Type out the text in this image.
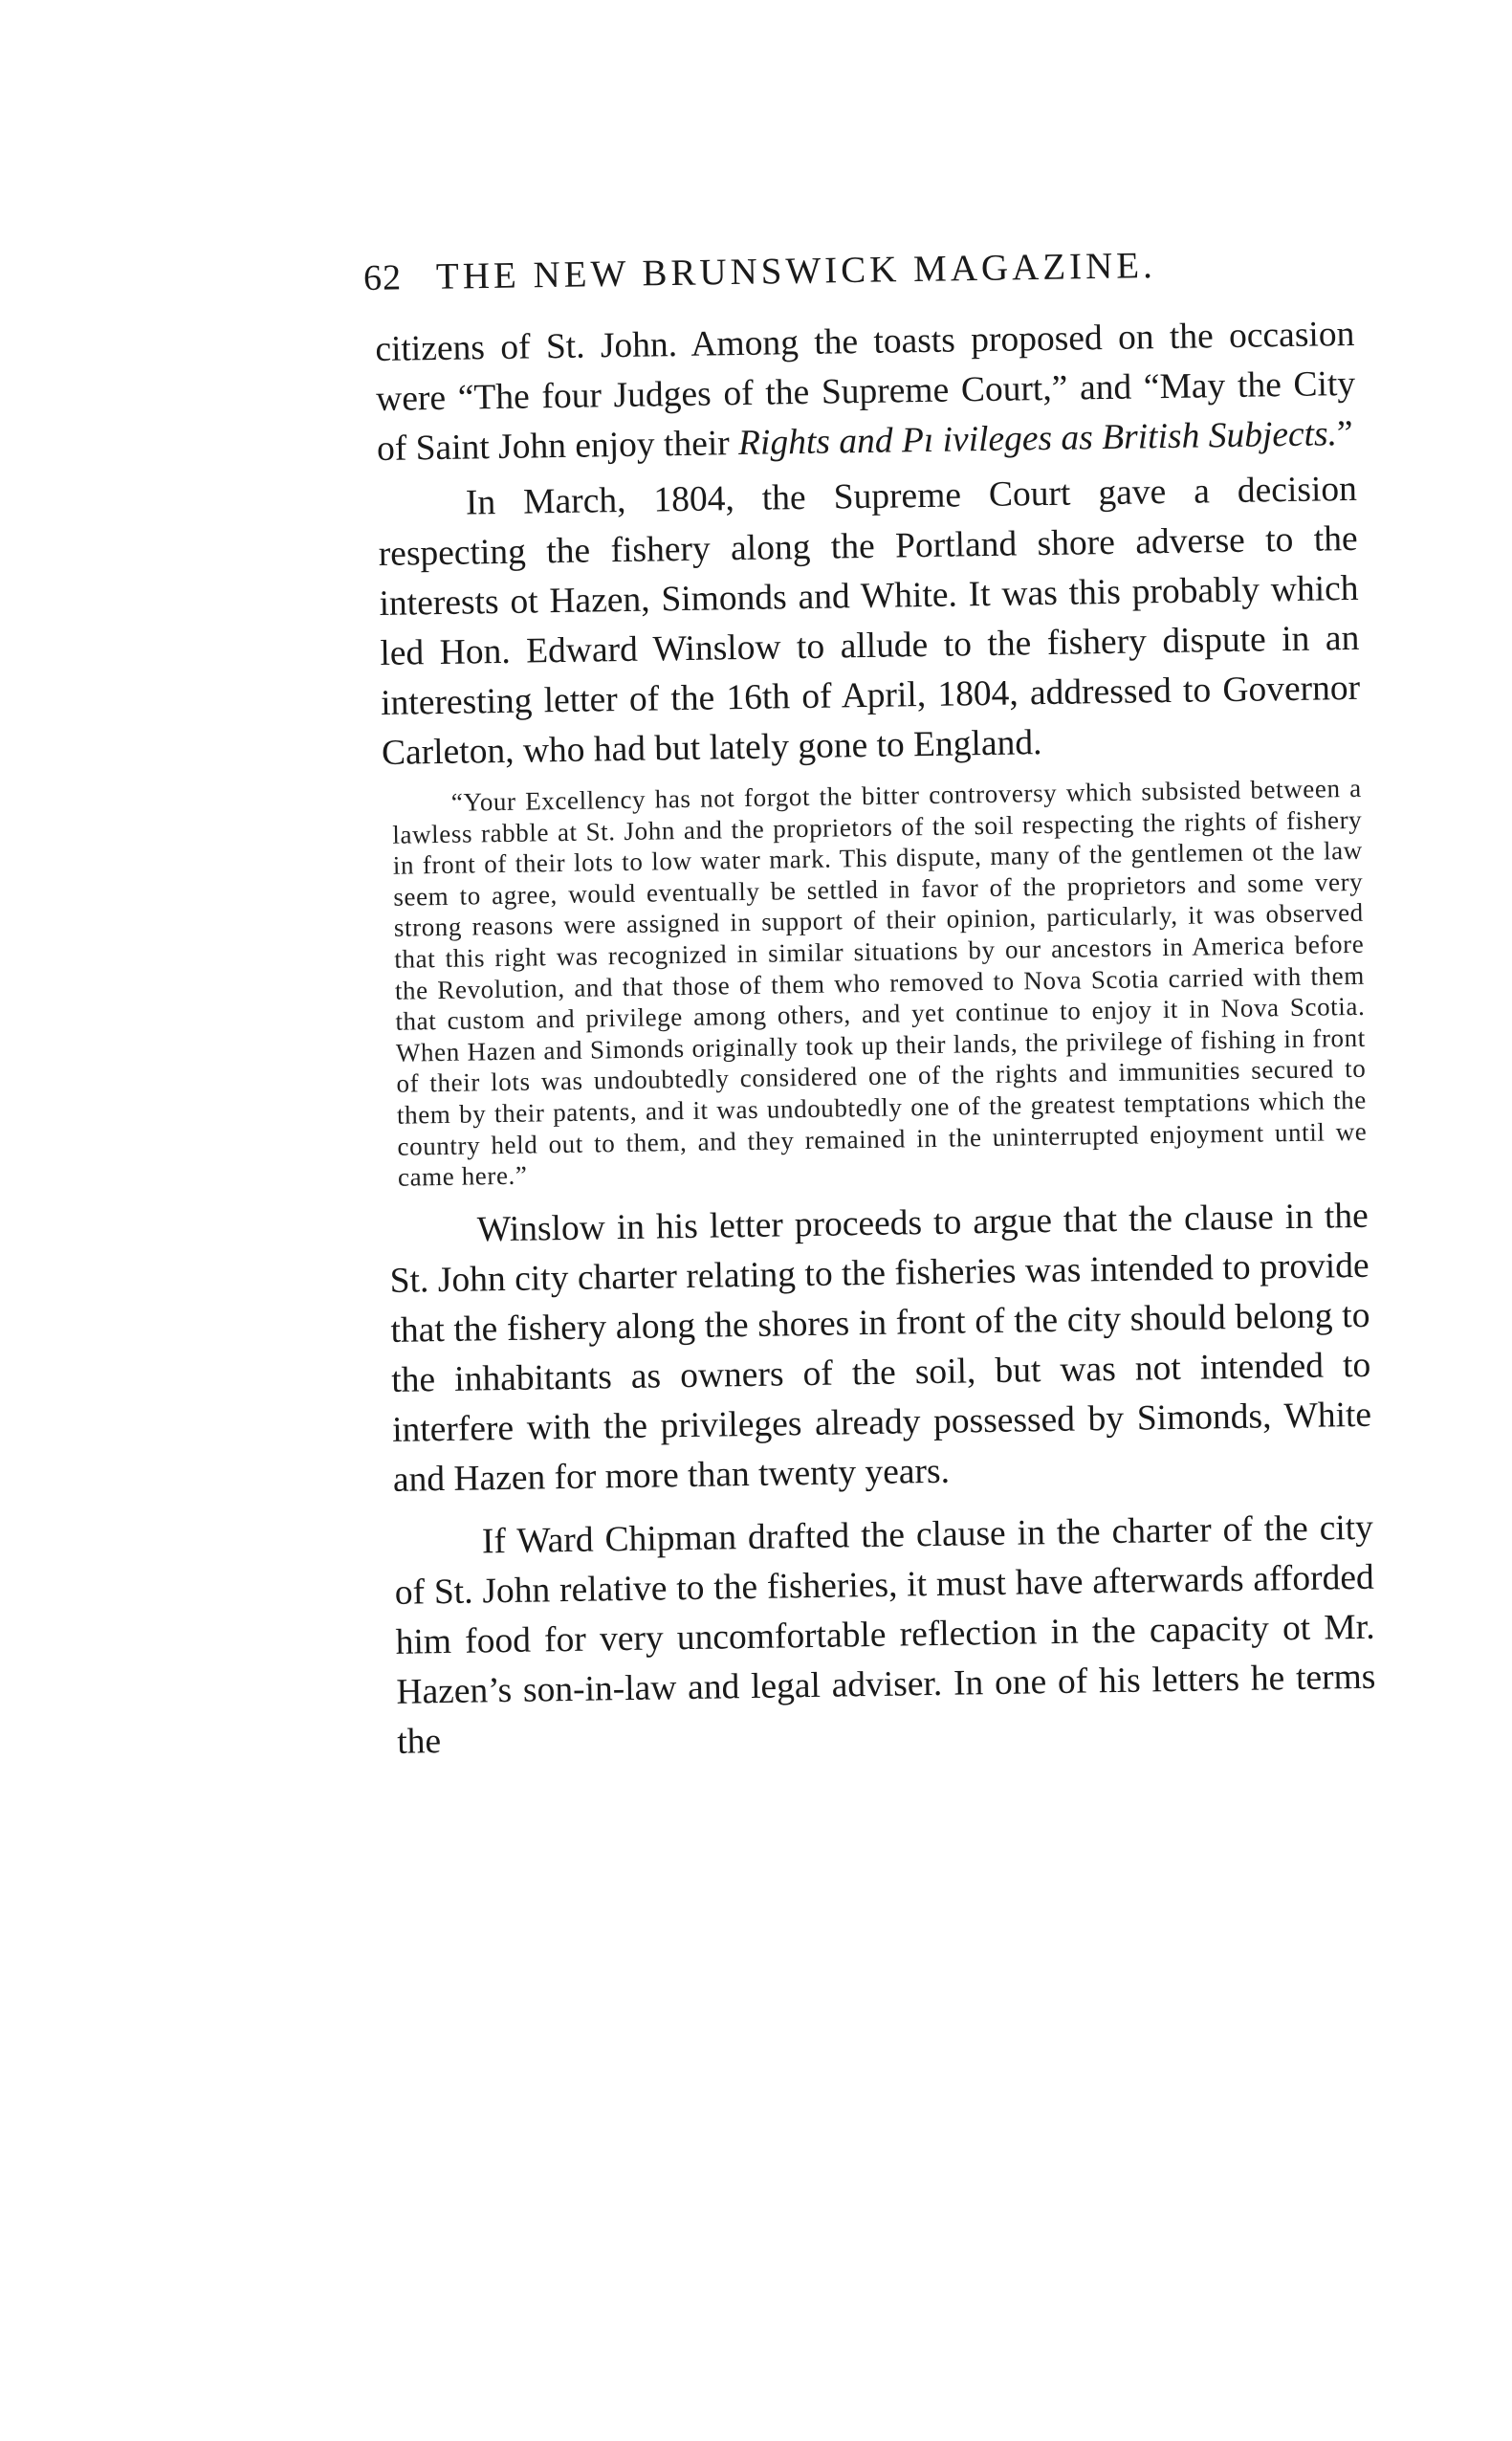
62 THE NEW BRUNSWICK MAGAZINE.

citizens of St. John. Among the toasts proposed on the occasion were “The four Judges of the Supreme Court,” and “May the City of Saint John enjoy their Rights and Pı ivileges as British Subjects.”

In March, 1804, the Supreme Court gave a decision respecting the fishery along the Portland shore adverse to the interests ot Hazen, Simonds and White. It was this probably which led Hon. Edward Winslow to allude to the fishery dispute in an interesting letter of the 16th of April, 1804, addressed to Governor Carleton, who had but lately gone to England.

“Your Excellency has not forgot the bitter controversy which subsisted between a lawless rabble at St. John and the proprietors of the soil respecting the rights of fishery in front of their lots to low water mark. This dispute, many of the gentlemen ot the law seem to agree, would eventually be settled in favor of the proprietors and some very strong reasons were assigned in support of their opinion, particularly, it was observed that this right was recognized in similar situations by our ancestors in America before the Revolution, and that those of them who removed to Nova Scotia carried with them that custom and privilege among others, and yet continue to enjoy it in Nova Scotia. When Hazen and Simonds originally took up their lands, the privilege of fishing in front of their lots was undoubtedly considered one of the rights and immunities secured to them by their patents, and it was undoubtedly one of the greatest temptations which the country held out to them, and they remained in the uninterrupted enjoyment until we came here.”

Winslow in his letter proceeds to argue that the clause in the St. John city charter relating to the fisheries was intended to provide that the fishery along the shores in front of the city should belong to the inhabitants as owners of the soil, but was not intended to interfere with the privileges already possessed by Simonds, White and Hazen for more than twenty years.

If Ward Chipman drafted the clause in the charter of the city of St. John relative to the fisheries, it must have afterwards afforded him food for very uncomfortable reflection in the capacity ot Mr. Hazen’s son-in-law and legal adviser. In one of his letters he terms the
